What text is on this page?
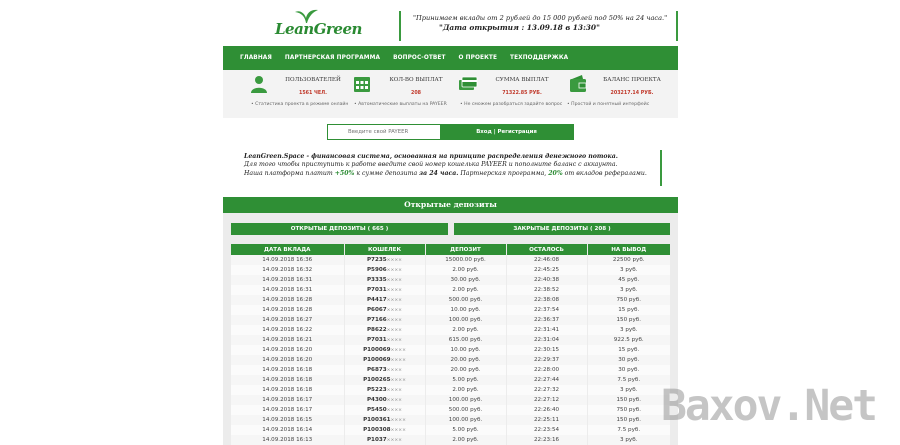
LeanGreen
"Принимаем вклады от 2 рублей до 15 000 рублей под 50% на 24 часа."
"Дата открытия : 13.09.18 в 13:30"
ГЛАВНАЯ ПАРТНЕРСКАЯ ПРОГРАММА ВОПРОС-ОТВЕТ О ПРОЕКТЕ ТЕХПОДДЕРЖКА
ПОЛЬЗОВАТЕЛЕЙ
1561 ЧЕЛ.
КОЛ-ВО ВЫПЛАТ
208
СУММА ВЫПЛАТ
71322.85 РУБ.
БАЛАНС ПРОЕКТА
203217.14 РУБ.
• Статистика проекта в режиме онлайн • Автоматические выплаты на PAYEER	• Не сможем разобраться задайте вопрос • Простой и понятный интерфейс
Введите свой PAYEER
Вход | Регистрация
LeanGreen.Space - финансовая система, основанная на принципе распределения денежного потока.
Для того чтобы приступить к работе введите свой номер кошелька PAYEER и пополните баланс с аккаунта.
Наша платформа платит +50% к сумме депозита за 24 часа. Партнерская программа, 20% от вкладов рефералами.
Открытые депозиты
ОТКРЫТЫЕ ДЕПОЗИТЫ ( 665 )	ЗАКРЫТЫЕ ДЕПОЗИТЫ ( 208 )
ДАТА ВКЛАДА	КОШЕЛЕК	ДЕПОЗИТ	ОСТАЛОСЬ	НА ВЫВОД
14.09.2018 16:36	P7235××××	15000.00 руб.	22:46:08	22500 руб.
14.09.2018 16:32	P5906××××	2.00 руб.	22:45:25	3 руб.
14.09.2018 16:31	P3335××××	30.00 руб.	22:40:38	45 руб.
14.09.2018 16:31	P7031××××	2.00 руб.	22:38:52	3 руб.
14.09.2018 16:28	P4417××××	500.00 руб.	22:38:08	750 руб.
14.09.2018 16:28	P6067××××	10.00 руб.	22:37:54	15 руб.
14.09.2018 16:27	P7166××××	100.00 руб.	22:36:37	150 руб.
14.09.2018 16:22	P8622××××	2.00 руб.	22:31:41	3 руб.
14.09.2018 16:21	P7031××××	615.00 руб.	22:31:04	922.5 руб.
14.09.2018 16:20	P100069××××	10.00 руб.	22:30:15	15 руб.
14.09.2018 16:20	P100069××××	20.00 руб.	22:29:37	30 руб.
14.09.2018 16:18	P6873××××	20.00 руб.	22:28:00	30 руб.
14.09.2018 16:18	P100265××××	5.00 руб.	22:27:44	7.5 руб.
14.09.2018 16:18	P5223××××	2.00 руб.	22:27:32	3 руб.
14.09.2018 16:17	P4300××××	100.00 руб.	22:27:12	150 руб.
14.09.2018 16:17	P5450××××	500.00 руб.	22:26:40	750 руб.
14.09.2018 16:15	P100361××××	100.00 руб.	22:25:11	150 руб.
14.09.2018 16:14	P100308××××	5.00 руб.	22:23:54	7.5 руб.
14.09.2018 16:13	P1037××××	2.00 руб.	22:23:16	3 руб.
Baxov.Net
